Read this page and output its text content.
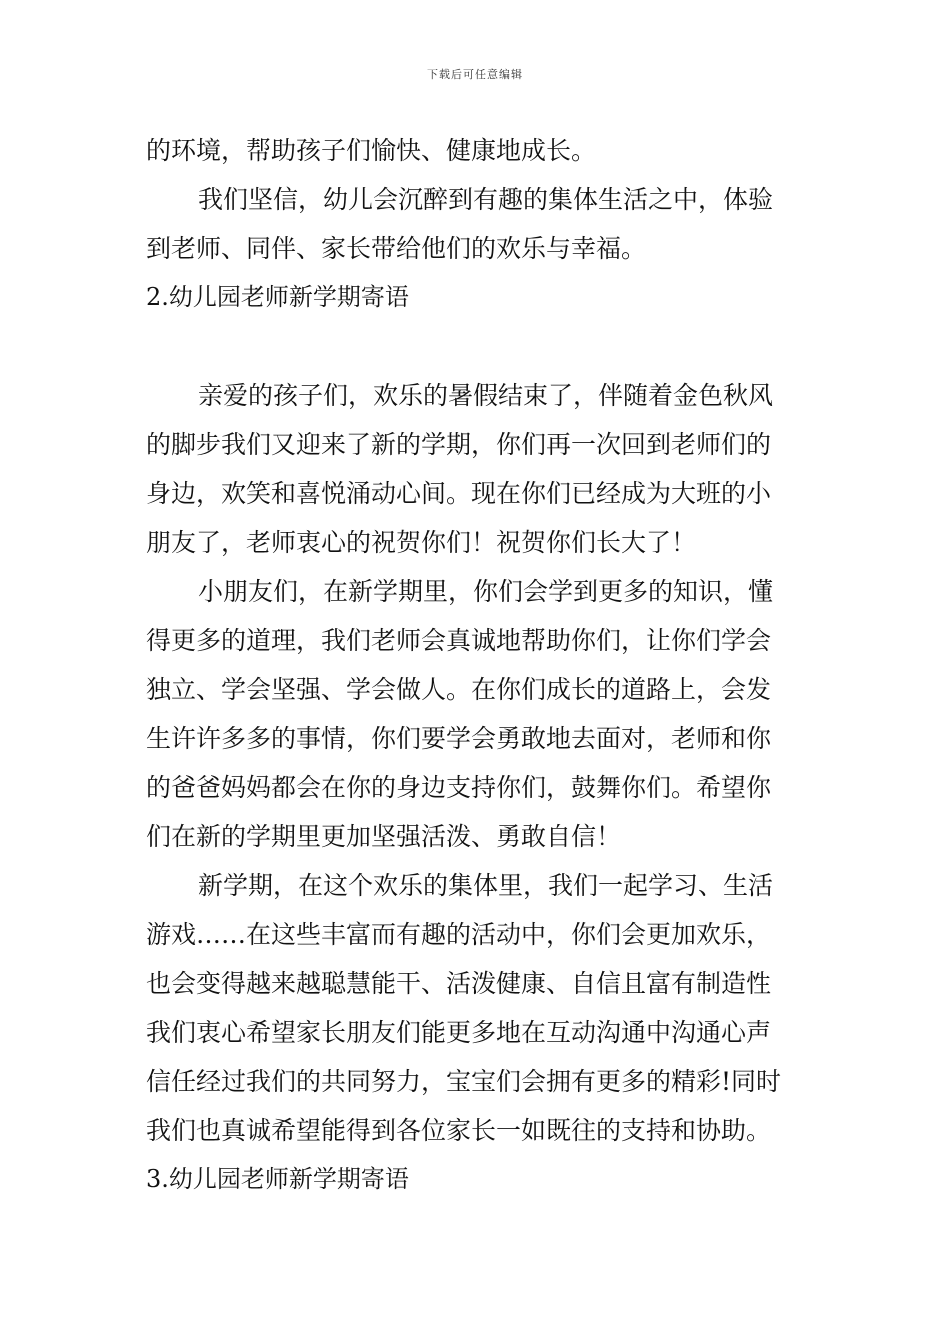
下载后可任意编辑
的环境，帮助孩子们愉快、健康地成长。
我们坚信，幼儿会沉醉到有趣的集体生活之中，体验
到老师、同伴、家长带给他们的欢乐与幸福。
2.幼儿园老师新学期寄语
亲爱的孩子们，欢乐的暑假结束了，伴随着金色秋风
的脚步我们又迎来了新的学期，你们再一次回到老师们的
身边，欢笑和喜悦涌动心间。现在你们已经成为大班的小
朋友了，老师衷心的祝贺你们！祝贺你们长大了！
小朋友们，在新学期里，你们会学到更多的知识，懂
得更多的道理，我们老师会真诚地帮助你们，让你们学会
独立、学会坚强、学会做人。在你们成长的道路上，会发
生许许多多的事情，你们要学会勇敢地去面对，老师和你
的爸爸妈妈都会在你的身边支持你们，鼓舞你们。希望你
们在新的学期里更加坚强活泼、勇敢自信！
新学期，在这个欢乐的集体里，我们一起学习、生活
游戏……在这些丰富而有趣的活动中，你们会更加欢乐，
也会变得越来越聪慧能干、活泼健康、自信且富有制造性
我们衷心希望家长朋友们能更多地在互动沟通中沟通心声
信任经过我们的共同努力，宝宝们会拥有更多的精彩!同时
我们也真诚希望能得到各位家长一如既往的支持和协助。
3.幼儿园老师新学期寄语
